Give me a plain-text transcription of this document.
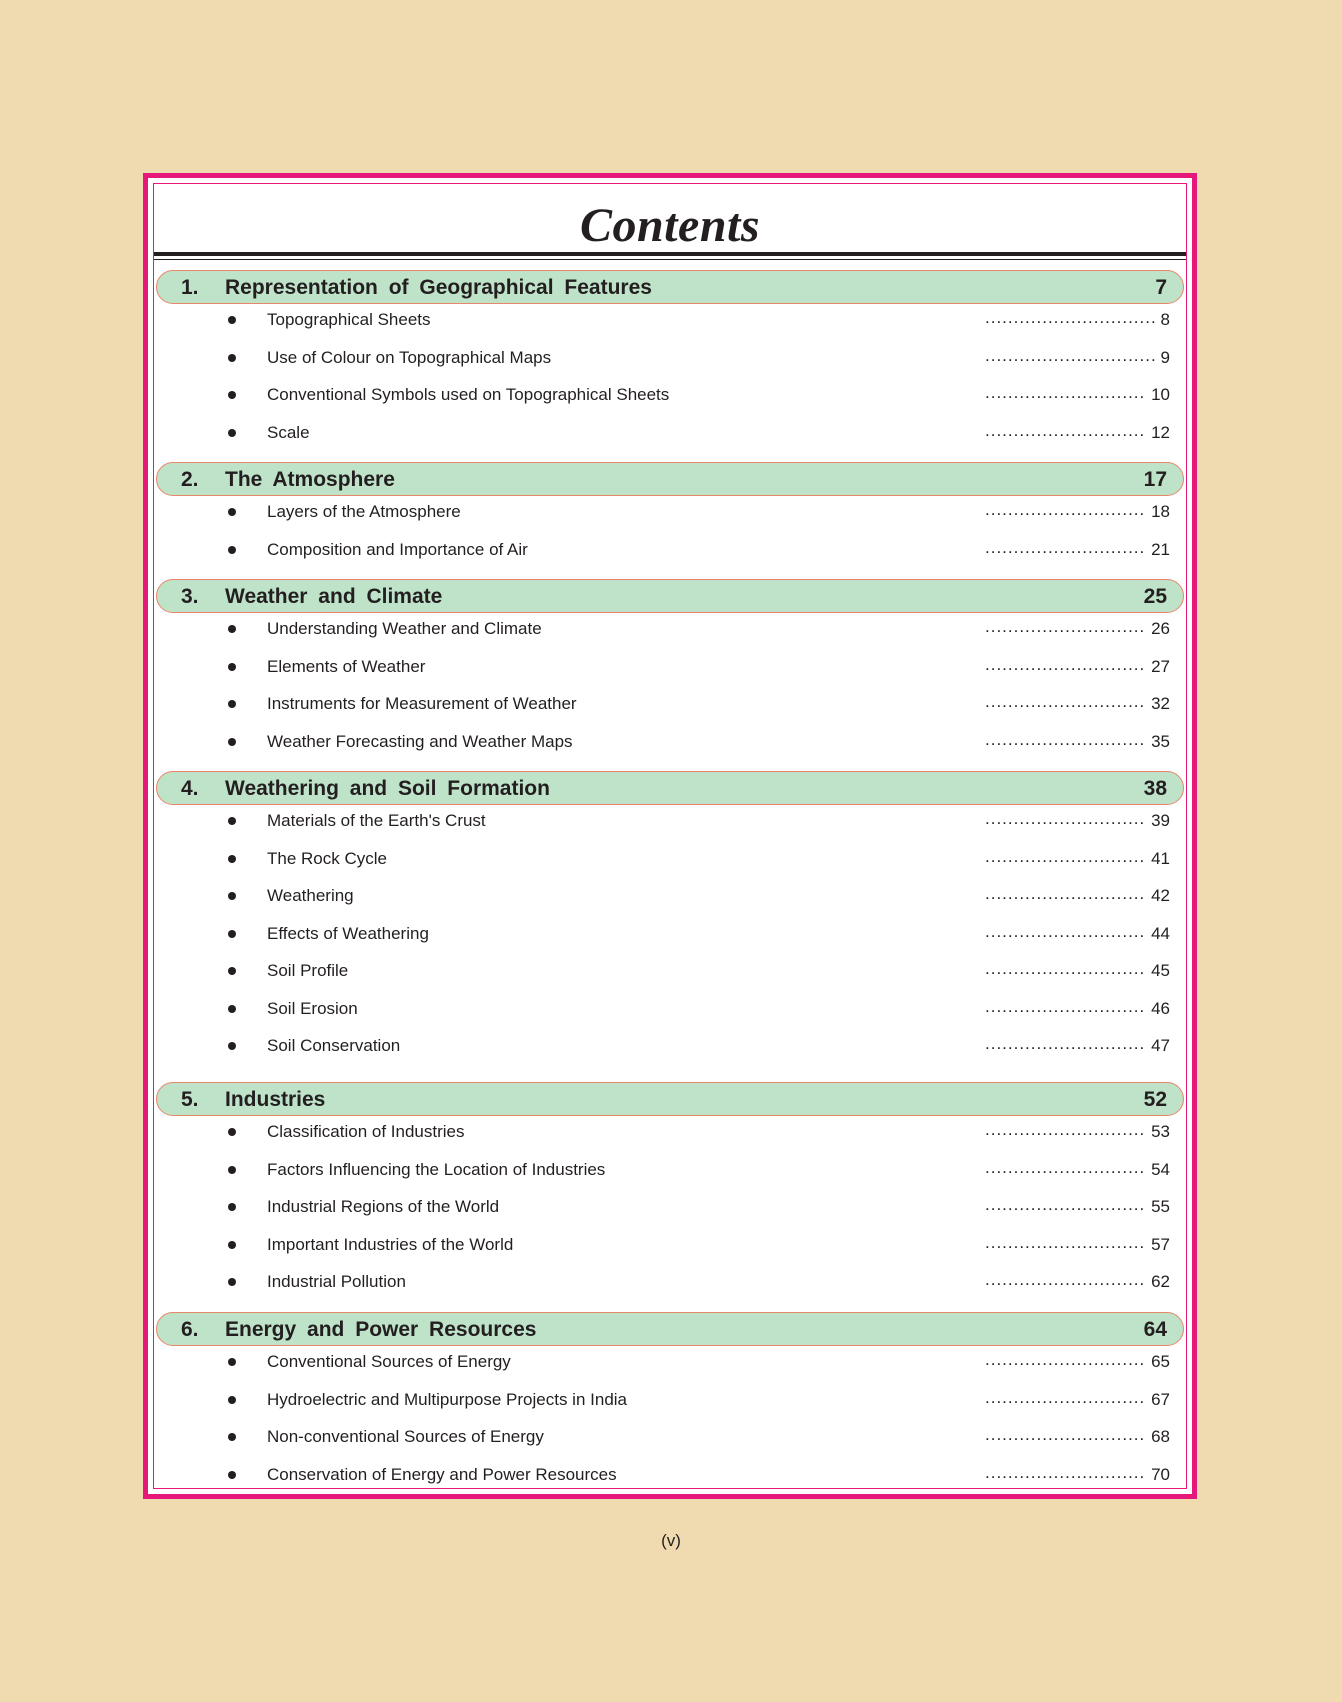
Contents
1. Representation of Geographical Features	7
Topographical Sheets	.............................. 8
Use of Colour on Topographical Maps	.............................. 9
Conventional Symbols used on Topographical Sheets	............................ 10
Scale	............................ 12
2. The Atmosphere	17
Layers of the Atmosphere	............................ 18
Composition and Importance of Air	............................ 21
3. Weather and Climate	25
Understanding Weather and Climate	............................ 26
Elements of Weather	............................ 27
Instruments for Measurement of Weather	............................ 32
Weather Forecasting and Weather Maps	............................ 35
4. Weathering and Soil Formation	38
Materials of the Earth's Crust	............................ 39
The Rock Cycle	............................ 41
Weathering	............................ 42
Effects of Weathering	............................ 44
Soil Profile	............................ 45
Soil Erosion	............................ 46
Soil Conservation	............................ 47
5. Industries	52
Classification of Industries	............................ 53
Factors Influencing the Location of Industries	............................ 54
Industrial Regions of the World	............................ 55
Important Industries of the World	............................ 57
Industrial Pollution	............................ 62
6. Energy and Power Resources	64
Conventional Sources of Energy	............................ 65
Hydroelectric and Multipurpose Projects in India	............................ 67
Non-conventional Sources of Energy	............................ 68
Conservation of Energy and Power Resources	............................ 70
(v)
